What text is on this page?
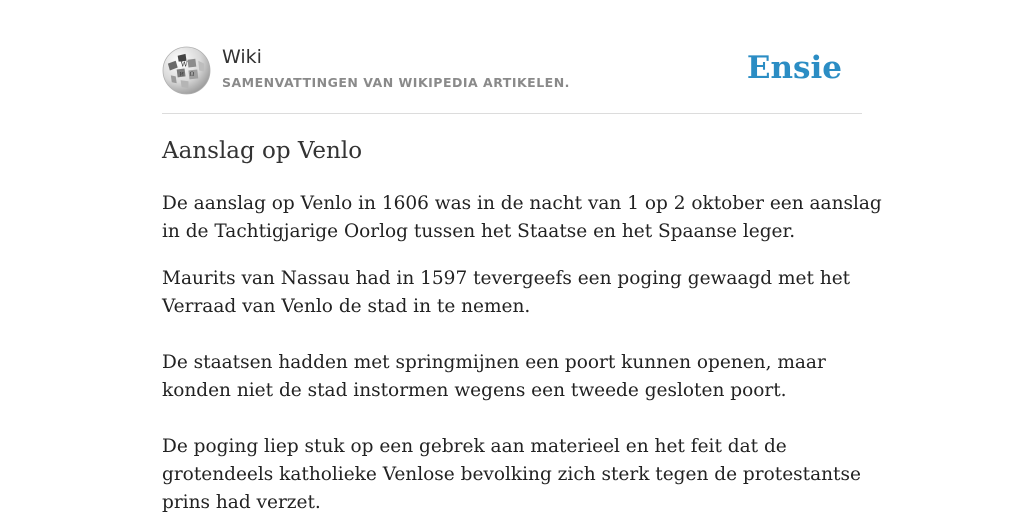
W
Ω
И
Wiki
SAMENVATTINGEN VAN WIKIPEDIA ARTIKELEN.	Ensie
Aanslag op Venlo

De aanslag op Venlo in 1606 was in de nacht van 1 op 2 oktober een aanslag in de Tachtigjarige Oorlog tussen het Staatse en het Spaanse leger.

Maurits van Nassau had in 1597 tevergeefs een poging gewaagd met het Verraad van Venlo de stad in te nemen.

De staatsen hadden met springmijnen een poort kunnen openen, maar konden niet de stad instormen wegens een tweede gesloten poort.

De poging liep stuk op een gebrek aan materieel en het feit dat de grotendeels katholieke Venlose bevolking zich sterk tegen de protestantse prins had verzet.
